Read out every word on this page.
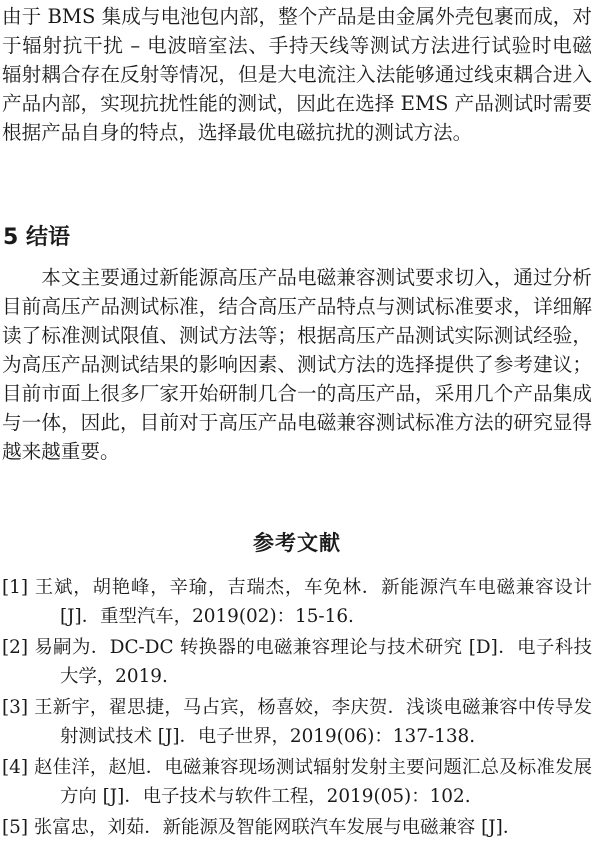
由于 BMS 集成与电池包内部，整个产品是由金属外壳包裹而成，对于辐射抗干扰 – 电波暗室法、手持天线等测试方法进行试验时电磁辐射耦合存在反射等情况，但是大电流注入法能够通过线束耦合进入产品内部，实现抗扰性能的测试，因此在选择 EMS 产品测试时需要根据产品自身的特点，选择最优电磁抗扰的测试方法。

5 结语

本文主要通过新能源高压产品电磁兼容测试要求切入，通过分析目前高压产品测试标准，结合高压产品特点与测试标准要求，详细解读了标准测试限值、测试方法等；根据高压产品测试实际测试经验，为高压产品测试结果的影响因素、测试方法的选择提供了参考建议；目前市面上很多厂家开始研制几合一的高压产品，采用几个产品集成与一体，因此，目前对于高压产品电磁兼容测试标准方法的研究显得越来越重要。

参考文献
[1] 王斌，胡艳峰，辛瑜，吉瑞杰，车免林．新能源汽车电磁兼容设计 [J]．重型汽车，2019(02)：15-16.
[2] 易嗣为．DC-DC 转换器的电磁兼容理论与技术研究 [D]．电子科技大学，2019.
[3] 王新宇，翟思捷，马占宾，杨喜姣，李庆贺．浅谈电磁兼容中传导发射测试技术 [J]．电子世界，2019(06)：137-138.
[4] 赵佳洋，赵旭．电磁兼容现场测试辐射发射主要问题汇总及标准发展方向 [J]．电子技术与软件工程，2019(05)：102.
[5] 张富忠，刘茹．新能源及智能网联汽车发展与电磁兼容 [J]．
